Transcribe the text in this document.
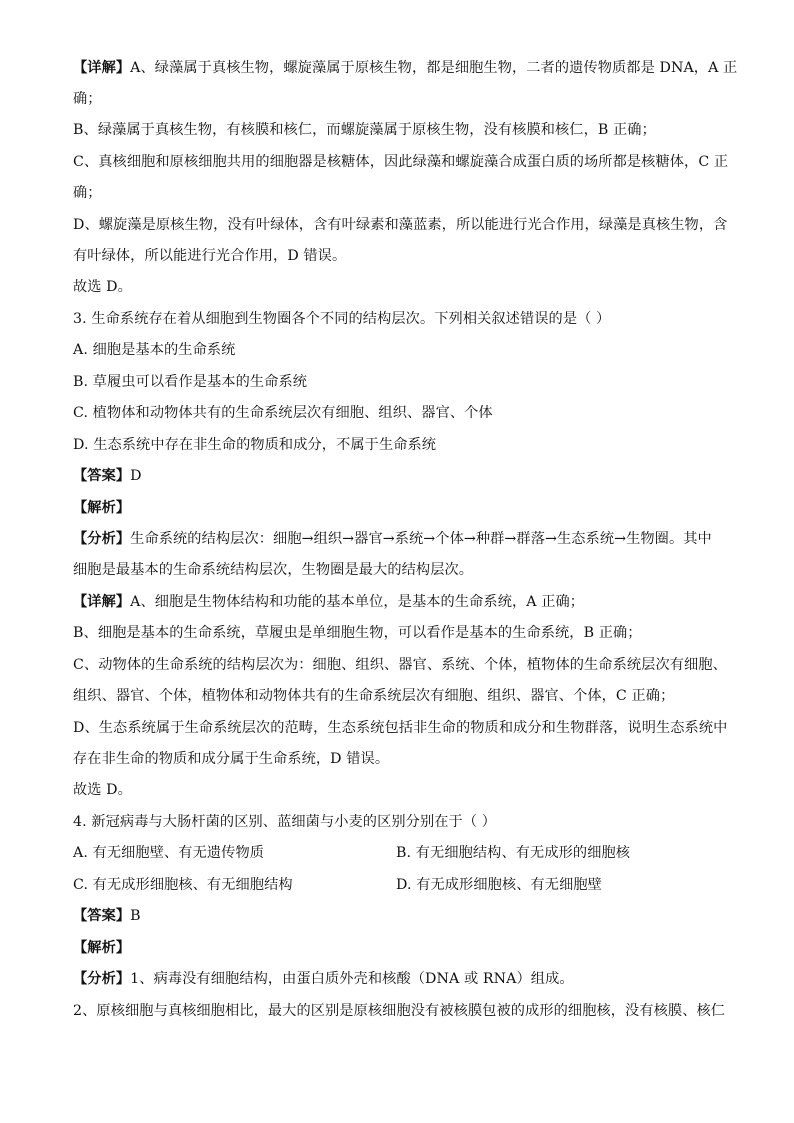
【详解】A、绿藻属于真核生物，螺旋藻属于原核生物，都是细胞生物，二者的遗传物质都是 DNA，A 正
确；
B、绿藻属于真核生物，有核膜和核仁，而螺旋藻属于原核生物，没有核膜和核仁，B 正确；
C、真核细胞和原核细胞共用的细胞器是核糖体，因此绿藻和螺旋藻合成蛋白质的场所都是核糖体，C 正
确；
D、螺旋藻是原核生物，没有叶绿体，含有叶绿素和藻蓝素，所以能进行光合作用，绿藻是真核生物，含
有叶绿体，所以能进行光合作用，D 错误。
故选 D。
3. 生命系统存在着从细胞到生物圈各个不同的结构层次。下列相关叙述错误的是（ ）
A. 细胞是基本的生命系统
B. 草履虫可以看作是基本的生命系统
C. 植物体和动物体共有的生命系统层次有细胞、组织、器官、个体
D. 生态系统中存在非生命的物质和成分，不属于生命系统
【答案】D
【解析】
【分析】生命系统的结构层次：细胞→组织→器官→系统→个体→种群→群落→生态系统→生物圈。其中
细胞是最基本的生命系统结构层次，生物圈是最大的结构层次。
【详解】A、细胞是生物体结构和功能的基本单位，是基本的生命系统，A 正确；
B、细胞是基本的生命系统，草履虫是单细胞生物，可以看作是基本的生命系统，B 正确；
C、动物体的生命系统的结构层次为：细胞、组织、器官、系统、个体，植物体的生命系统层次有细胞、
组织、器官、个体，植物体和动物体共有的生命系统层次有细胞、组织、器官、个体，C 正确；
D、生态系统属于生命系统层次的范畴，生态系统包括非生命的物质和成分和生物群落，说明生态系统中
存在非生命的物质和成分属于生命系统，D 错误。
故选 D。
4. 新冠病毒与大肠杆菌的区别、蓝细菌与小麦的区别分别在于（ ）
A. 有无细胞壁、有无遗传物质	B. 有无细胞结构、有无成形的细胞核
C. 有无成形细胞核、有无细胞结构	D. 有无成形细胞核、有无细胞壁
【答案】B
【解析】
【分析】1、病毒没有细胞结构，由蛋白质外壳和核酸（DNA 或 RNA）组成。
2、原核细胞与真核细胞相比，最大的区别是原核细胞没有被核膜包被的成形的细胞核，没有核膜、核仁
